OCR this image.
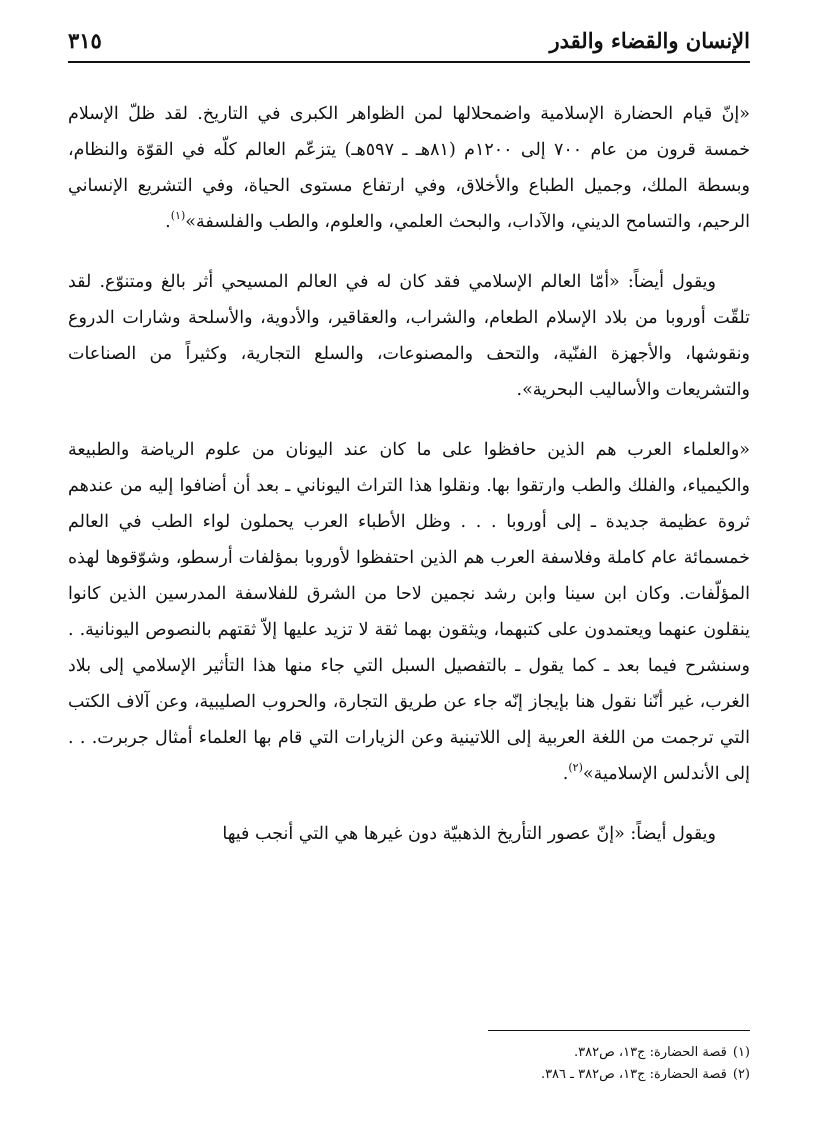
الإنسان والقضاء والقدر
٣١٥

«إنّ قيام الحضارة الإسلامية واضمحلالها لمن الظواهر الكبرى في التاريخ. لقد ظلّ الإسلام خمسة قرون من عام ٧٠٠ إلى ١٢٠٠م (٨١هـ ـ ٥٩٧هـ) يتزعّم العالم كلّه في القوّة والنظام، وبسطة الملك، وجميل الطباع والأخلاق، وفي ارتفاع مستوى الحياة، وفي التشريع الإنساني الرحيم، والتسامح الديني، والآداب، والبحث العلمي، والعلوم، والطب والفلسفة»$^{(١)}$.

ويقول أيضاً: «أمّا العالم الإسلامي فقد كان له في العالم المسيحي أثر بالغ ومتنوّع. لقد تلقّت أوروبا من بلاد الإسلام الطعام، والشراب، والعقاقير، والأدوية، والأسلحة وشارات الدروع ونقوشها، والأجهزة الفنّية، والتحف والمصنوعات، والسلع التجارية، وكثيراً من الصناعات والتشريعات والأساليب البحرية».

«والعلماء العرب هم الذين حافظوا على ما كان عند اليونان من علوم الرياضة والطبيعة والكيمياء، والفلك والطب وارتقوا بها. ونقلوا هذا التراث اليوناني ـ بعد أن أضافوا إليه من عندهم ثروة عظيمة جديدة ـ إلى أوروبا . . . وظل الأطباء العرب يحملون لواء الطب في العالم خمسمائة عام كاملة وفلاسفة العرب هم الذين احتفظوا لأوروبا بمؤلفات أرسطو، وشوّقوها لهذه المؤلّفات. وكان ابن سينا وابن رشد نجمين لاحا من الشرق للفلاسفة المدرسين الذين كانوا ينقلون عنهما ويعتمدون على كتبهما، ويثقون بهما ثقة لا تزيد عليها إلاّ ثقتهم بالنصوص اليونانية. . وسنشرح فيما بعد ـ كما يقول ـ بالتفصيل السبل التي جاء منها هذا التأثير الإسلامي إلى بلاد الغرب، غير أنّنا نقول هنا بإيجاز إنّه جاء عن طريق التجارة، والحروب الصليبية، وعن آلاف الكتب التي ترجمت من اللغة العربية إلى اللاتينية وعن الزيارات التي قام بها العلماء أمثال جربرت. . . إلى الأندلس الإسلامية»$^{(٢)}$.

ويقول أيضاً: «إنّ عصور التأريخ الذهبيّة دون غيرها هي التي أنجب فيها

(١)قصة الحضارة: ج١٣، ص٣٨٢.

(٢)قصة الحضارة: ج١٣، ص٣٨٢ ـ ٣٨٦.
